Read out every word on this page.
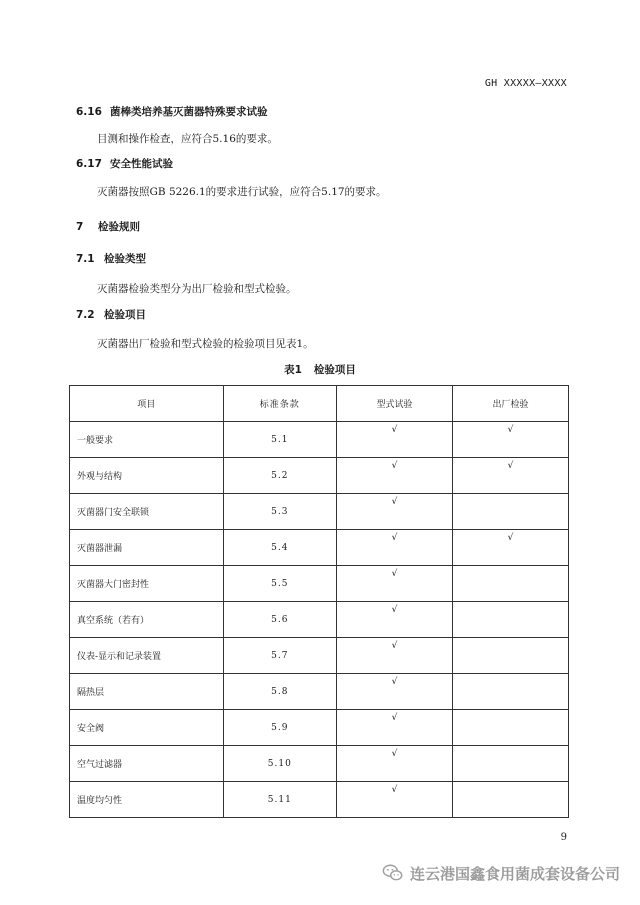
GH XXXXX—XXXX
6.16 菌棒类培养基灭菌器特殊要求试验
目测和操作检查，应符合5.16的要求。
6.17 安全性能试验
灭菌器按照GB 5226.1的要求进行试验，应符合5.17的要求。
7 检验规则
7.1 检验类型
灭菌器检验类型分为出厂检验和型式检验。
7.2 检验项目
灭菌器出厂检验和型式检验的检验项目见表1。
表1 检验项目
项目	标准条款	型式试验	出厂检验
一般要求	5.1	√	√
外观与结构	5.2	√	√
灭菌器门安全联锁	5.3	√	
灭菌器泄漏	5.4	√	√
灭菌器大门密封性	5.5	√	
真空系统（若有）	5.6	√	
仪表-显示和记录装置	5.7	√	
隔热层	5.8	√	
安全阀	5.9	√	
空气过滤器	5.10	√	
温度均匀性	5.11	√	
9
连云港国鑫食用菌成套设备公司
